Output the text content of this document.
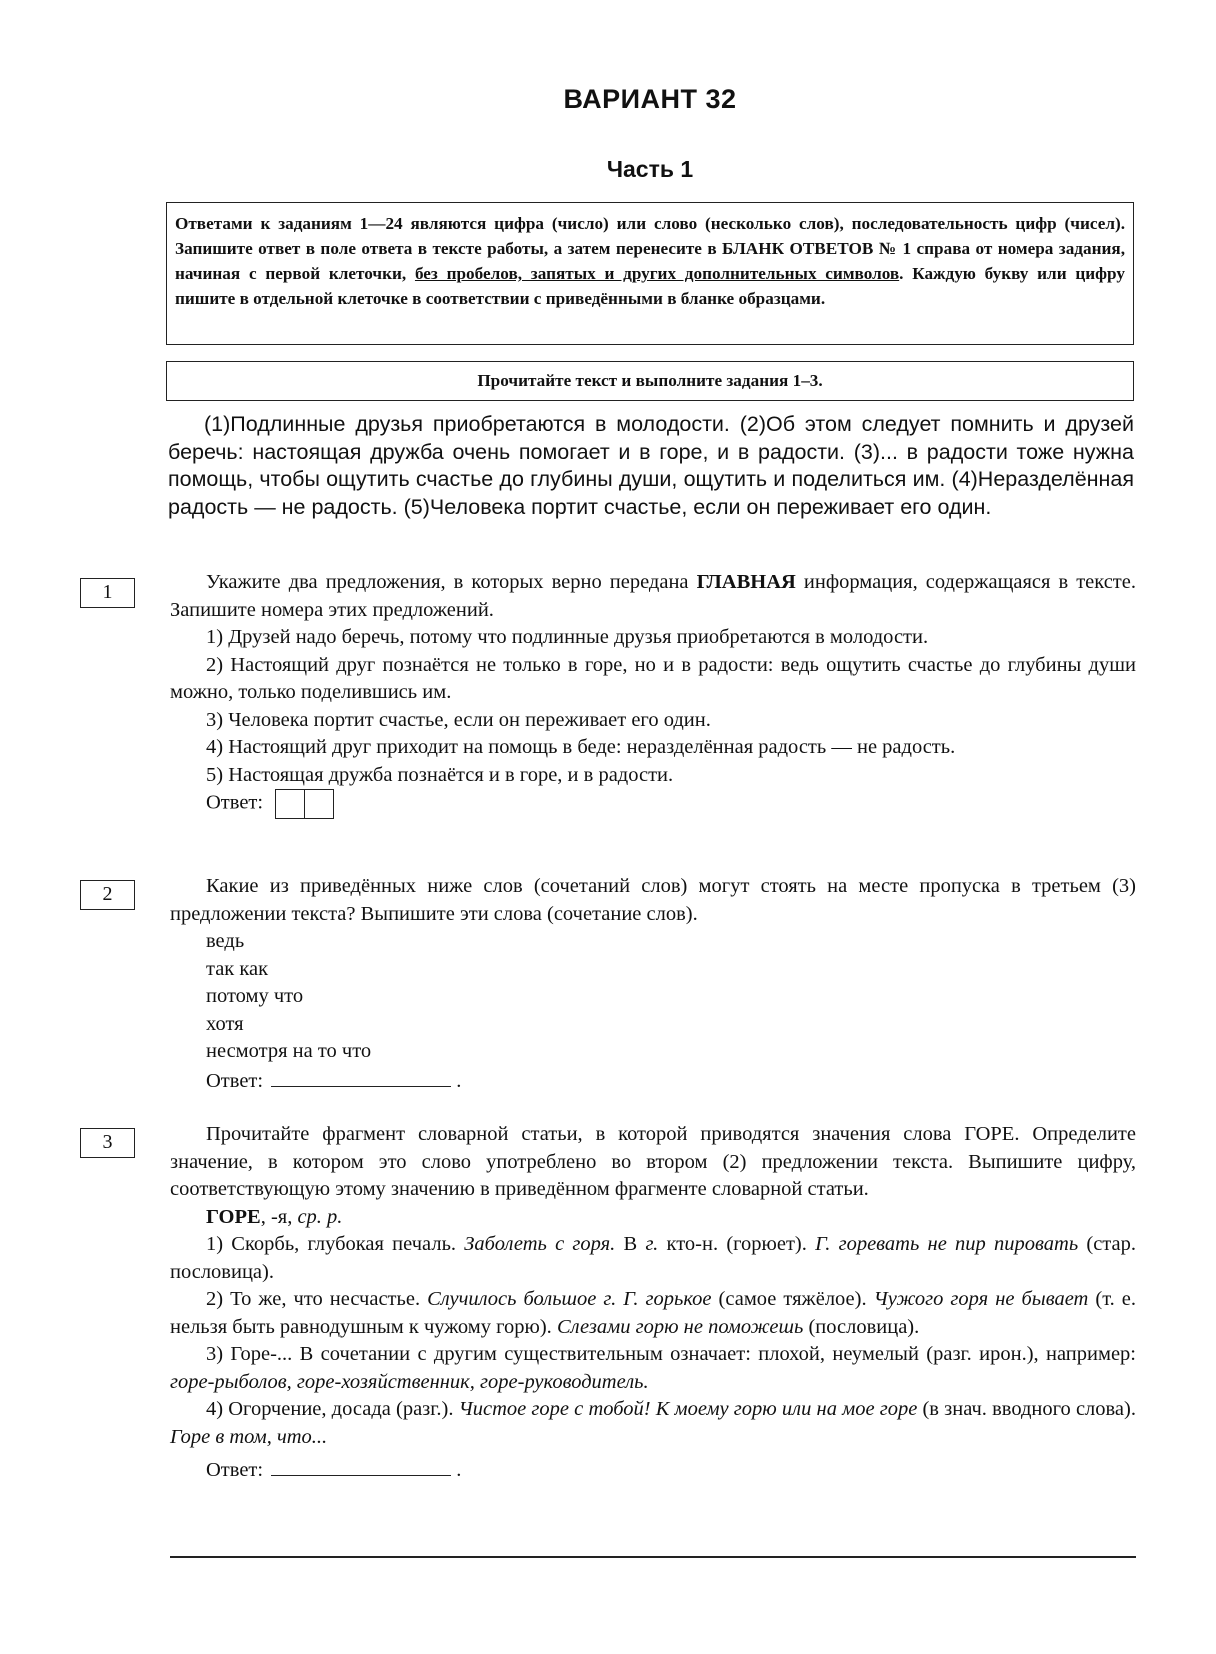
ВАРИАНТ 32
Часть 1
Ответами к заданиям 1—24 являются цифра (число) или слово (несколько слов), последовательность цифр (чисел). Запишите ответ в поле ответа в тексте работы, а затем перенесите в БЛАНК ОТВЕТОВ № 1 справа от номера задания, начиная с первой клеточки, без пробелов, запятых и других дополнительных символов. Каждую букву или цифру пишите в отдельной клеточке в соответствии с приведёнными в бланке образцами.
Прочитайте текст и выполните задания 1–3.
(1)Подлинные друзья приобретаются в молодости. (2)Об этом следует помнить и друзей беречь: настоящая дружба очень помогает и в горе, и в радости. (3)... в радости тоже нужна помощь, чтобы ощутить счастье до глубины души, ощутить и поделиться им. (4)Неразделённая радость — не радость. (5)Человека портит счастье, если он переживает его один.
1	Укажите два предложения, в которых верно передана ГЛАВНАЯ информация, содержащаяся в тексте. Запишите номера этих предложений.

1) Друзей надо беречь, потому что подлинные друзья приобретаются в молодости.

2) Настоящий друг познаётся не только в горе, но и в радости: ведь ощутить счастье до глубины души можно, только поделившись им.

3) Человека портит счастье, если он переживает его один.

4) Настоящий друг приходит на помощь в беде: неразделённая радость — не радость.

5) Настоящая дружба познаётся и в горе, и в радости.

Ответ:

2	Какие из приведённых ниже слов (сочетаний слов) могут стоять на месте пропуска в третьем (3) предложении текста? Выпишите эти слова (сочетание слов).

ведь

так как

потому что

хотя

несмотря на то что

Ответ:	.

3	Прочитайте фрагмент словарной статьи, в которой приводятся значения слова ГОРЕ. Определите значение, в котором это слово употреблено во втором (2) предложении текста. Выпишите цифру, соответствующую этому значению в приведённом фрагменте словарной статьи.

ГОРЕ, -я, ср. р.

1) Скорбь, глубокая печаль. Заболеть с горя. В г. кто-н. (горюет). Г. горевать не пир пировать (стар. пословица).

2) То же, что несчастье. Случилось большое г. Г. горькое (самое тяжёлое). Чужого горя не бывает (т. е. нельзя быть равнодушным к чужому горю). Слезами горю не поможешь (пословица).

3) Горе-... В сочетании с другим существительным означает: плохой, неумелый (разг. ирон.), например: горе-рыболов, горе-хозяйственник, горе-руководитель.

4) Огорчение, досада (разг.). Чистое горе с тобой! К моему горю или на мое горе (в знач. вводного слова). Горе в том, что...

Ответ:	.
